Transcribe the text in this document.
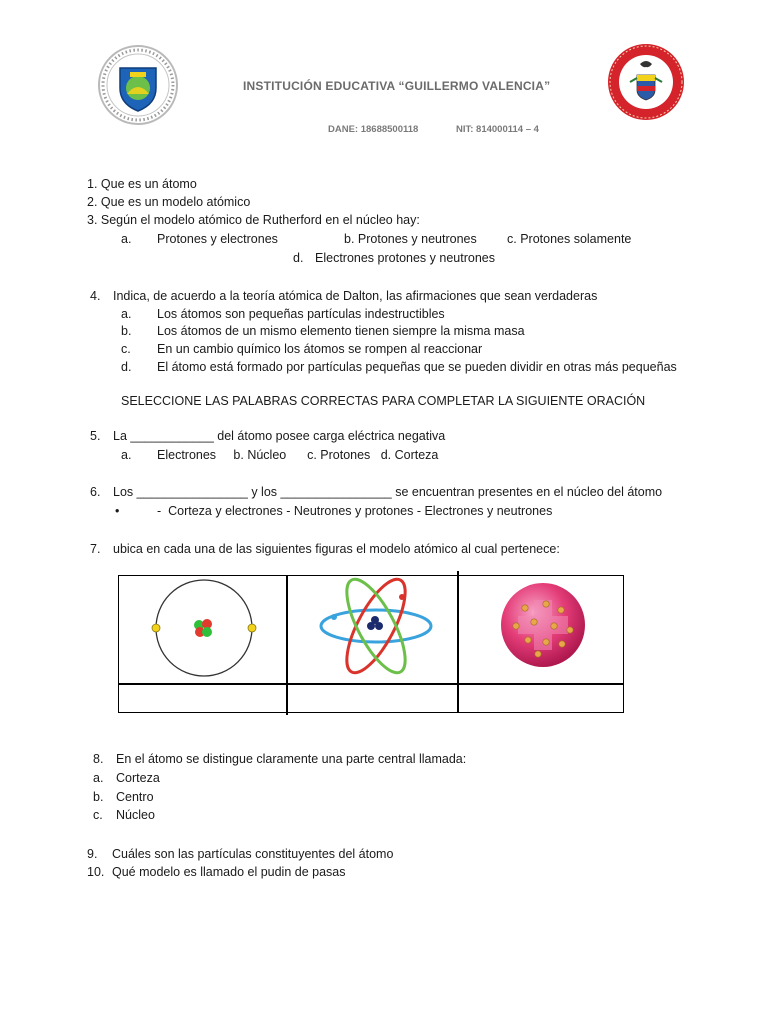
INSTITUCIÓN EDUCATIVA “GUILLERMO VALENCIA”
DANE: 18688500118	NIT: 814000114 – 4
1. Que es un átomo
2. Que es un modelo atómico
3. Según el modelo atómico de Rutherford en el núcleo hay:
a. Protones y electrones	b. Protones y neutrones c. Protones solamente
d. Electrones protones y neutrones
4. Indica, de acuerdo a la teoría atómica de Dalton, las afirmaciones que sean verdaderas
a. Los átomos son pequeñas partículas indestructibles
b. Los átomos de un mismo elemento tienen siempre la misma masa
c. En un cambio químico los átomos se rompen al reaccionar
d. El átomo está formado por partículas pequeñas que se pueden dividir en otras más pequeñas
SELECCIONE LAS PALABRAS CORRECTAS PARA COMPLETAR LA SIGUIENTE ORACIÓN
5. La ____________ del átomo posee carga eléctrica negativa
a. Electrones     b. Núcleo      c. Protones   d. Corteza
6. Los ________________ y los ________________ se encuentran presentes en el núcleo del átomo
•	-  Corteza y electrones - Neutrones y protones - Electrones y neutrones
7. ubica en cada una de las siguientes figuras el modelo atómico al cual pertenece:
8. En el átomo se distingue claramente una parte central llamada:
a. Corteza
b. Centro
c. Núcleo
9. Cuáles son las partículas constituyentes del átomo
10. Qué modelo es llamado el pudin de pasas
